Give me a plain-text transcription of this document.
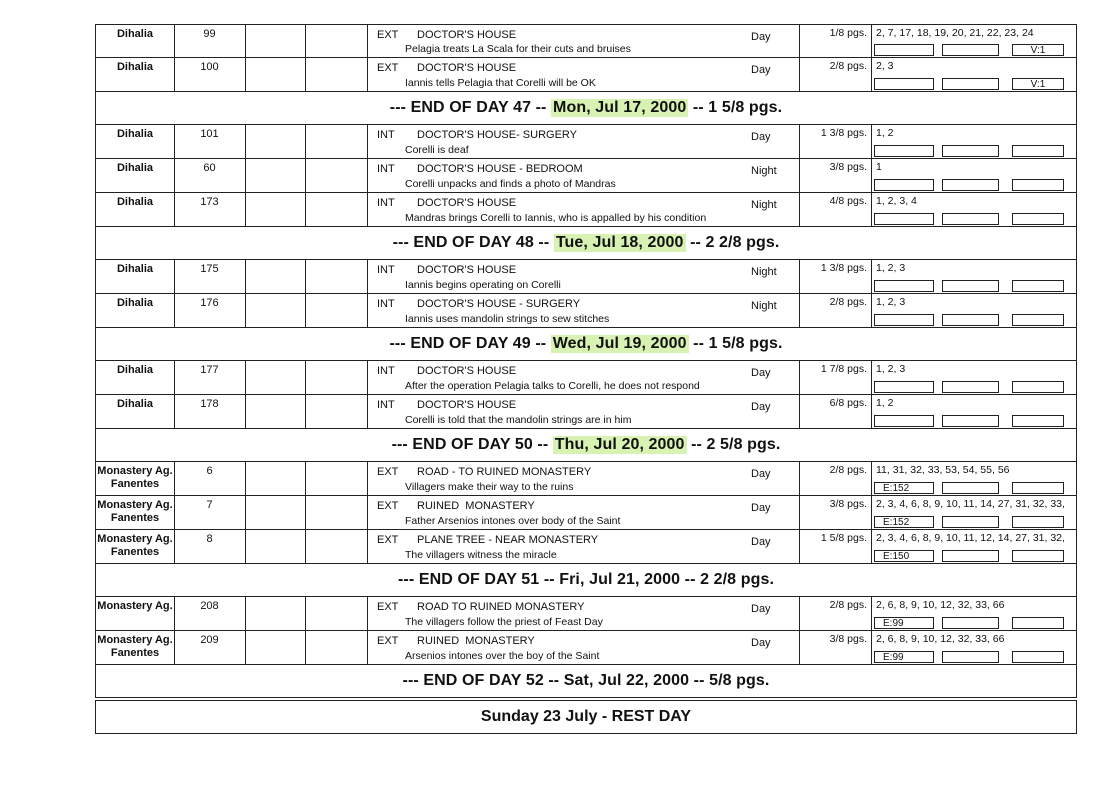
Dihalia	99	EXT	DOCTOR'S HOUSE
Pelagia treats La Scala for their cuts and bruises
Day	1/8 pgs. 2, 7, 17, 18, 19, 20, 21, 22, 23, 24
V:1
Dihalia	100	EXT	DOCTOR'S HOUSE
Iannis tells Pelagia that Corelli will be OK
Day	2/8 pgs. 2, 3
V:1
--- END OF DAY 47 -- Mon, Jul 17, 2000 -- 1 5/8 pgs.
Dihalia	101	INT	DOCTOR'S HOUSE- SURGERY
Corelli is deaf
Day	1 3/8 pgs. 1, 2
Dihalia	60	INT	DOCTOR'S HOUSE - BEDROOM
Corelli unpacks and finds a photo of Mandras
Night	3/8 pgs. 1
Dihalia	173	INT	DOCTOR'S HOUSE
Mandras brings Corelli to Iannis, who is appalled by his condition
Night	4/8 pgs. 1, 2, 3, 4
--- END OF DAY 48 -- Tue, Jul 18, 2000 -- 2 2/8 pgs.
Dihalia	175	INT	DOCTOR'S HOUSE
Iannis begins operating on Corelli
Night	1 3/8 pgs. 1, 2, 3
Dihalia	176	INT	DOCTOR'S HOUSE - SURGERY
Iannis uses mandolin strings to sew stitches
Night	2/8 pgs. 1, 2, 3
--- END OF DAY 49 -- Wed, Jul 19, 2000 -- 1 5/8 pgs.
Dihalia	177	INT	DOCTOR'S HOUSE
After the operation Pelagia talks to Corelli, he does not respond
Day	1 7/8 pgs. 1, 2, 3
Dihalia	178	INT	DOCTOR'S HOUSE
Corelli is told that the mandolin strings are in him
Day	6/8 pgs. 1, 2
--- END OF DAY 50 -- Thu, Jul 20, 2000 -- 2 5/8 pgs.
Monastery Ag.
Fanentes
6	EXT	ROAD - TO RUINED MONASTERY
Villagers make their way to the ruins
Day	2/8 pgs. 11, 31, 32, 33, 53, 54, 55, 56
E:152
Monastery Ag.
Fanentes
7	EXT	RUINED  MONASTERY
Father Arsenios intones over body of the Saint
Day	3/8 pgs. 2, 3, 4, 6, 8, 9, 10, 11, 14, 27, 31, 32, 33,
E:152
Monastery Ag.
Fanentes
8	EXT	PLANE TREE - NEAR MONASTERY
The villagers witness the miracle
Day	1 5/8 pgs. 2, 3, 4, 6, 8, 9, 10, 11, 12, 14, 27, 31, 32,
E:150
--- END OF DAY 51 -- Fri, Jul 21, 2000 -- 2 2/8 pgs.
Monastery Ag.	208	EXT	ROAD TO RUINED MONASTERY
The villagers follow the priest of Feast Day
Day	2/8 pgs. 2, 6, 8, 9, 10, 12, 32, 33, 66
E:99
Monastery Ag.
Fanentes
209	EXT	RUINED  MONASTERY
Arsenios intones over the boy of the Saint
Day	3/8 pgs. 2, 6, 8, 9, 10, 12, 32, 33, 66
E:99
--- END OF DAY 52 -- Sat, Jul 22, 2000 -- 5/8 pgs.
Sunday 23 July - REST DAY
